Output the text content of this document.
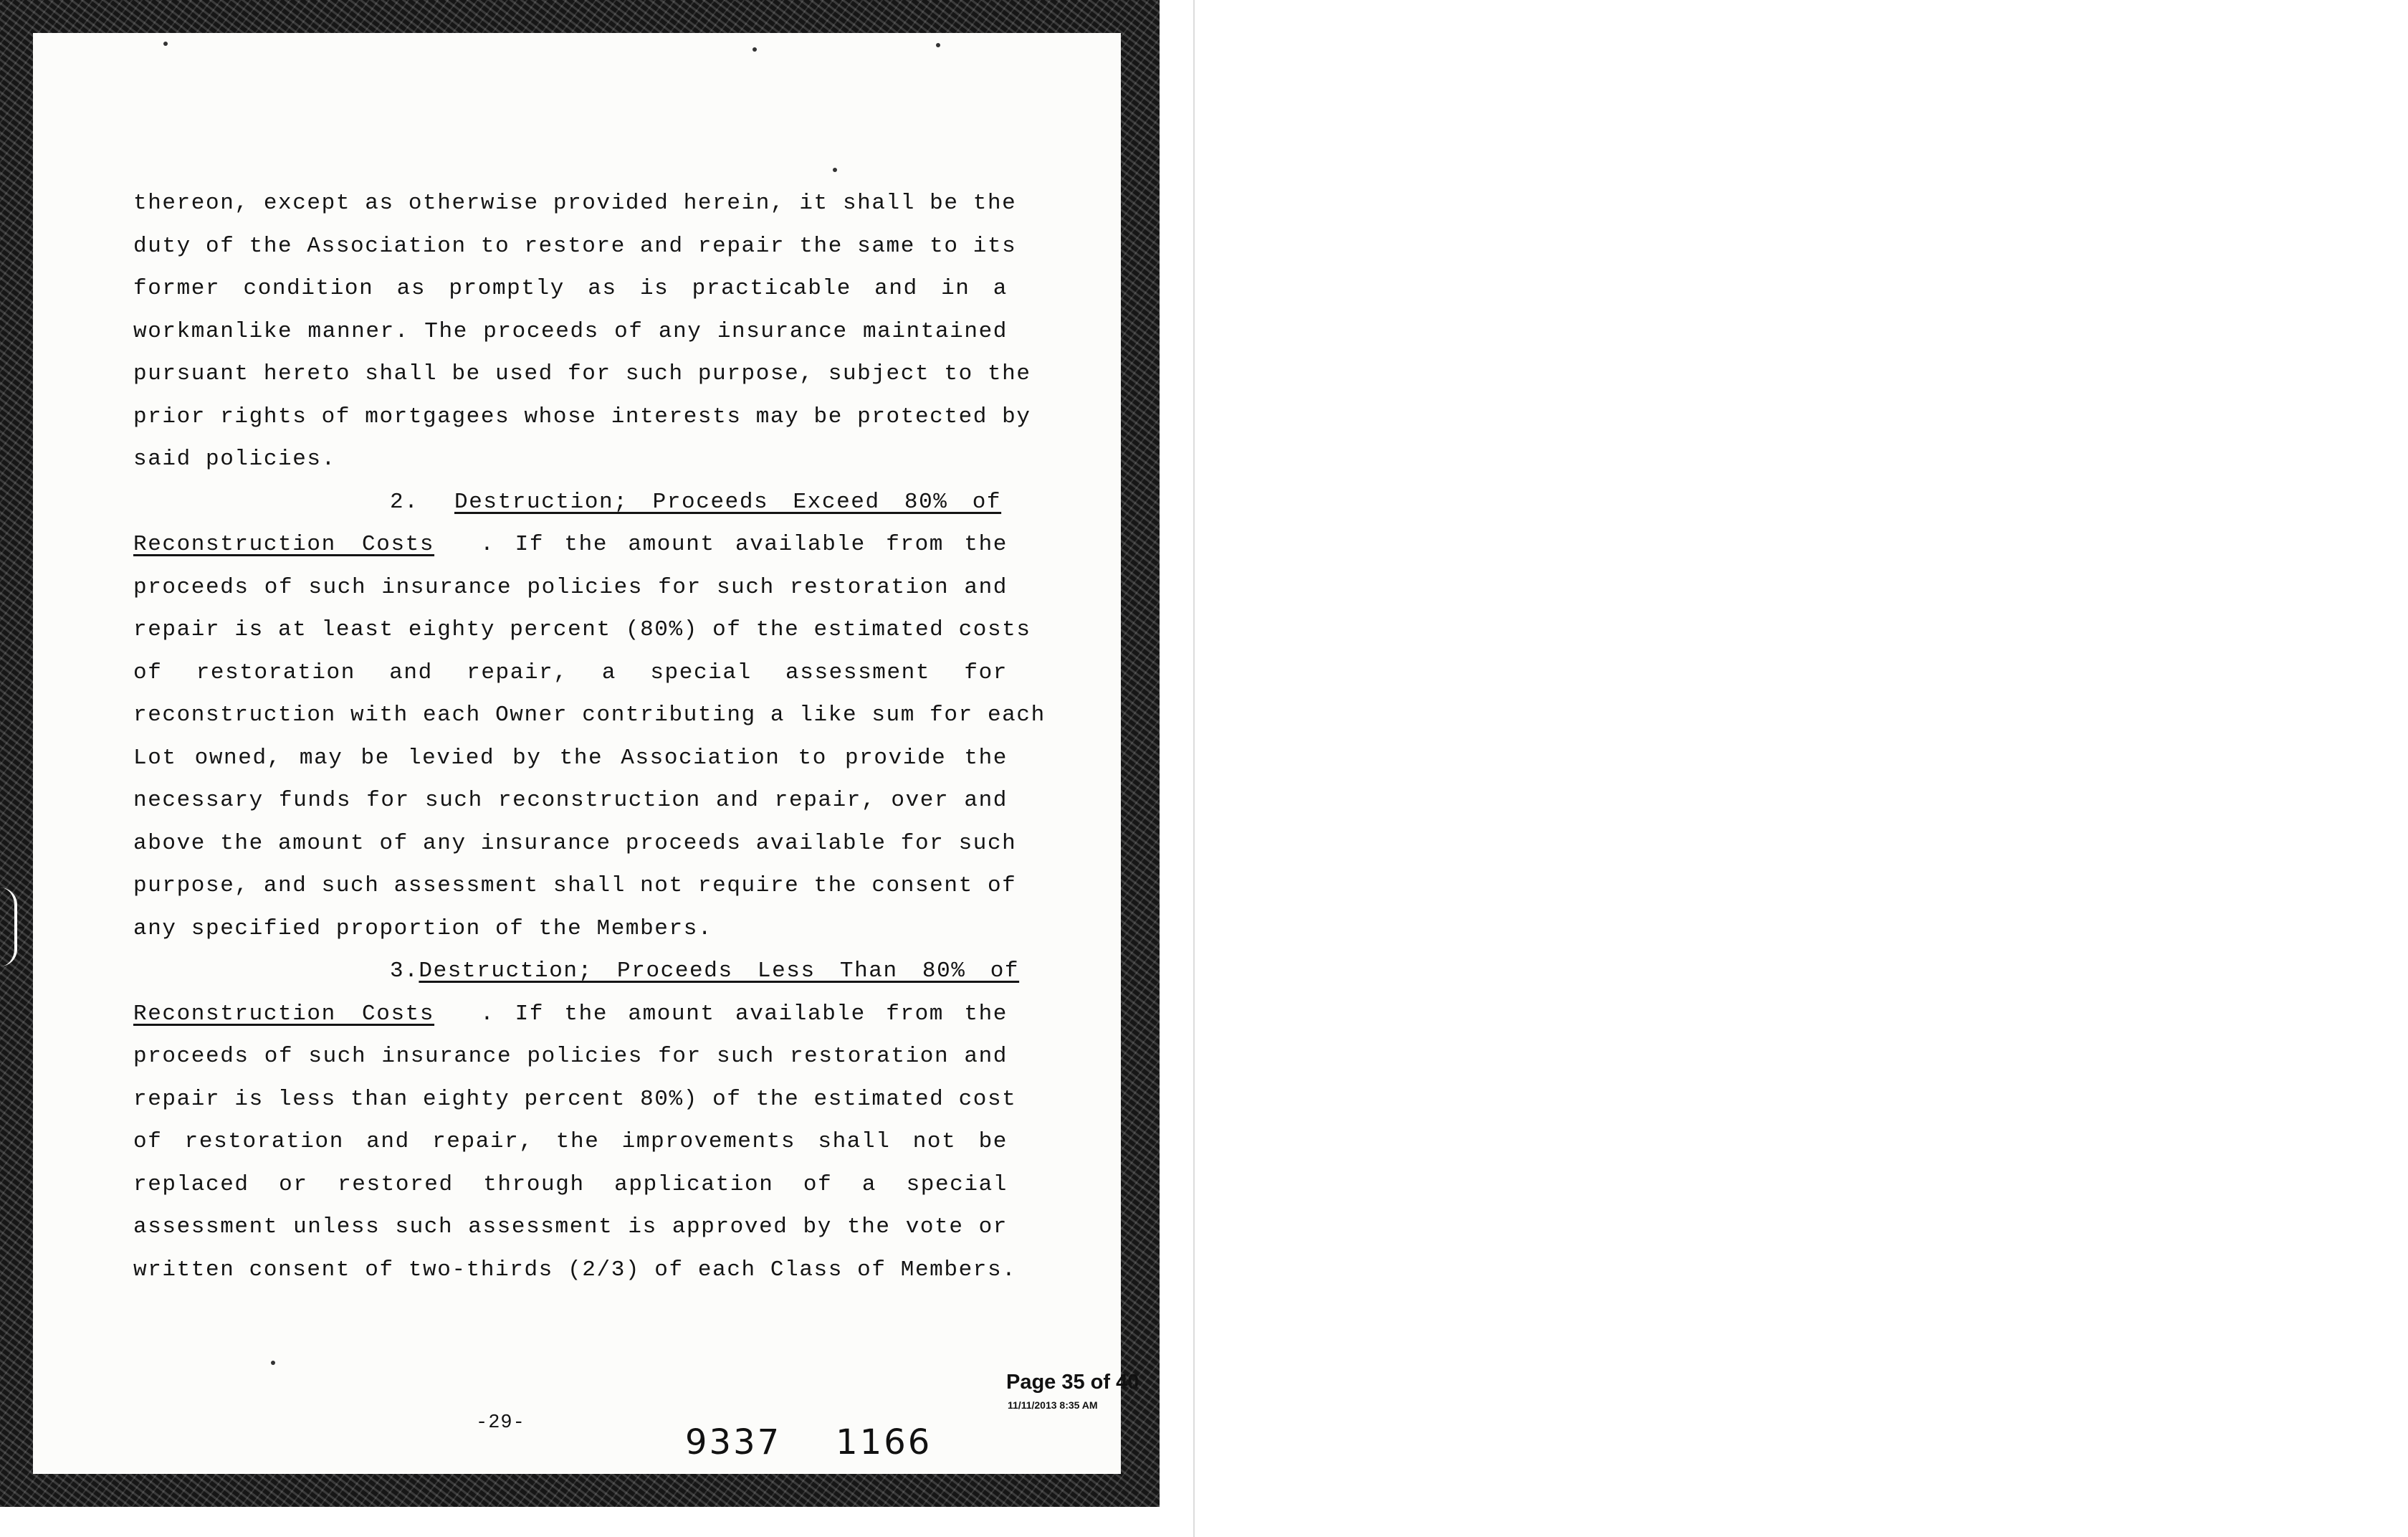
thereon, except as otherwise provided herein, it shall be the
duty of the Association to restore and repair the same to its
former condition as promptly as is practicable and in a
workmanlike manner. The proceeds of any insurance maintained
pursuant hereto shall be used for such purpose, subject to the
prior rights of mortgagees whose interests may be protected by
said policies.
2.	Destruction; Proceeds Exceed 80% of
Reconstruction Costs . If the amount available from the
proceeds of such insurance policies for such restoration and
repair is at least eighty percent (80%) of the estimated costs
of restoration and repair, a special assessment for
reconstruction with each Owner contributing a like sum for each
Lot owned, may be levied by the Association to provide the
necessary funds for such reconstruction and repair, over and
above the amount of any insurance proceeds available for such
purpose, and such assessment shall not require the consent of
any specified proportion of the Members.
3. Destruction; Proceeds Less Than 80% of
Reconstruction Costs . If the amount available from the
proceeds of such insurance policies for such restoration and
repair is less than eighty percent 80%) of the estimated cost
of restoration and repair, the improvements shall not be
replaced or restored through application of a special
assessment unless such assessment is approved by the vote or
written consent of two-thirds (2/3) of each Class of Members.
Page 35 of 40
11/11/2013 8:35 AM
-29-	9337 1166
